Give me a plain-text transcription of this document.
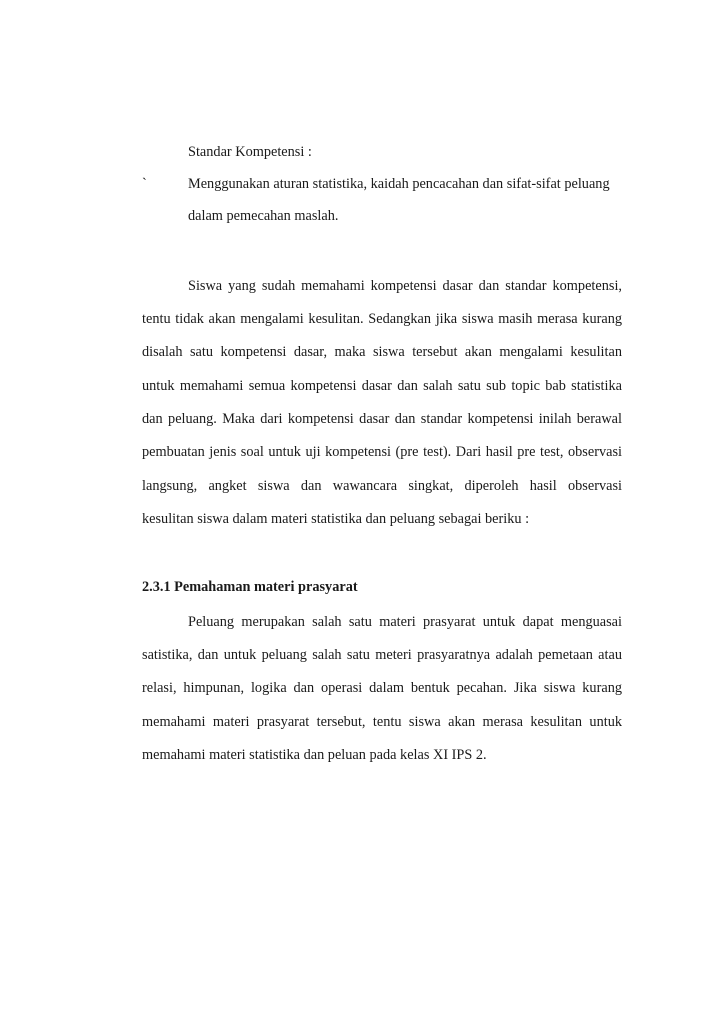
Standar Kompetensi :
`	Menggunakan aturan statistika, kaidah pencacahan dan sifat-sifat peluang
dalam pemecahan maslah.
Siswa yang sudah memahami kompetensi dasar dan standar kompetensi,
tentu tidak akan mengalami kesulitan. Sedangkan jika siswa masih merasa kurang
disalah satu kompetensi dasar, maka siswa tersebut akan mengalami kesulitan
untuk memahami semua kompetensi dasar dan salah satu sub topic bab statistika
dan peluang. Maka dari kompetensi dasar dan standar kompetensi inilah berawal
pembuatan jenis soal untuk uji kompetensi (pre test). Dari hasil pre test, observasi
langsung, angket siswa dan wawancara singkat, diperoleh hasil observasi
kesulitan siswa dalam materi statistika dan peluang sebagai beriku :
2.3.1 Pemahaman materi prasyarat
Peluang merupakan salah satu materi prasyarat untuk dapat menguasai
satistika, dan untuk peluang salah satu meteri prasyaratnya adalah pemetaan atau
relasi, himpunan, logika dan operasi dalam bentuk pecahan. Jika siswa kurang
memahami materi prasyarat tersebut, tentu siswa akan merasa kesulitan untuk
memahami materi statistika dan peluan pada kelas XI IPS 2.
